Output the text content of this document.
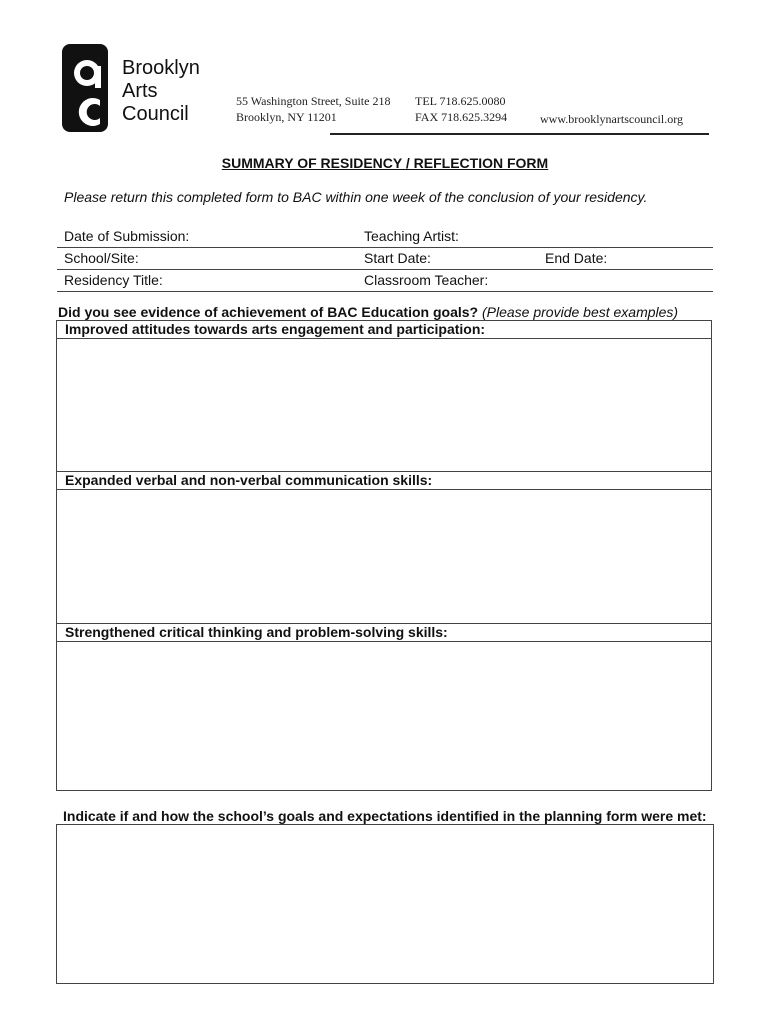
Brooklyn
Arts
Council
55 Washington Street, Suite 218
Brooklyn, NY 11201
TEL 718.625.0080
FAX 718.625.3294	www.brooklynartscouncil.org
SUMMARY OF RESIDENCY / REFLECTION FORM
Please return this completed form to BAC within one week of the conclusion of your residency.
Date of Submission:	Teaching Artist:
School/Site:	Start Date:	End Date:
Residency Title:	Classroom Teacher:
Did you see evidence of achievement of BAC Education goals? (Please provide best examples)
Improved attitudes towards arts engagement and participation:
Expanded verbal and non-verbal communication skills:
Strengthened critical thinking and problem-solving skills:
Indicate if and how the school’s goals and expectations identified in the planning form were met:
